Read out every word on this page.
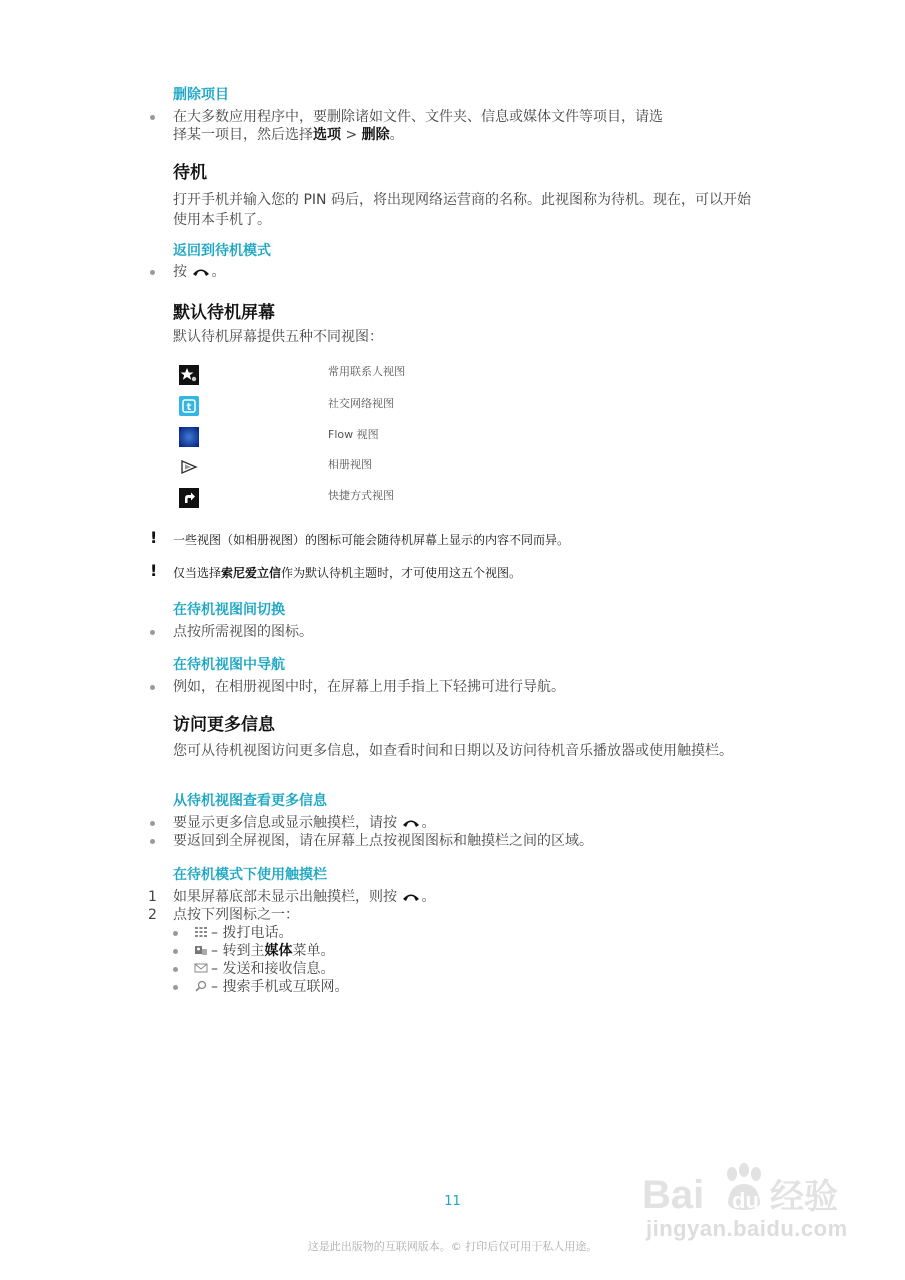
删除项目
在大多数应用程序中，要删除诸如文件、文件夹、信息或媒体文件等项目，请选
择某一项目，然后选择选项 > 删除。
待机
打开手机并输入您的 PIN 码后，将出现网络运营商的名称。此视图称为待机。现在，可以开始使用本手机了。
返回到待机模式
按 。
默认待机屏幕
默认待机屏幕提供五种不同视图：
常用联系人视图
t	社交网络视图
Flow 视图
相册视图
快捷方式视图
! 一些视图（如相册视图）的图标可能会随待机屏幕上显示的内容不同而异。
! 仅当选择索尼爱立信作为默认待机主题时，才可使用这五个视图。
在待机视图间切换
点按所需视图的图标。
在待机视图中导航
例如，在相册视图中时，在屏幕上用手指上下轻拂可进行导航。
访问更多信息
您可从待机视图访问更多信息，如查看时间和日期以及访问待机音乐播放器或使用触摸栏。
从待机视图查看更多信息
要显示更多信息或显示触摸栏，请按 。
要返回到全屏视图，请在屏幕上点按视图图标和触摸栏之间的区域。
在待机模式下使用触摸栏
1 如果屏幕底部未显示出触摸栏，则按 。
2 点按下列图标之一：
– 拨打电话。
– 转到主媒体菜单。
– 发送和接收信息。
– 搜索手机或互联网。
11
这是此出版物的互联网版本。© 打印后仅可用于私人用途。
Bai du 经验
jingyan.baidu.com
